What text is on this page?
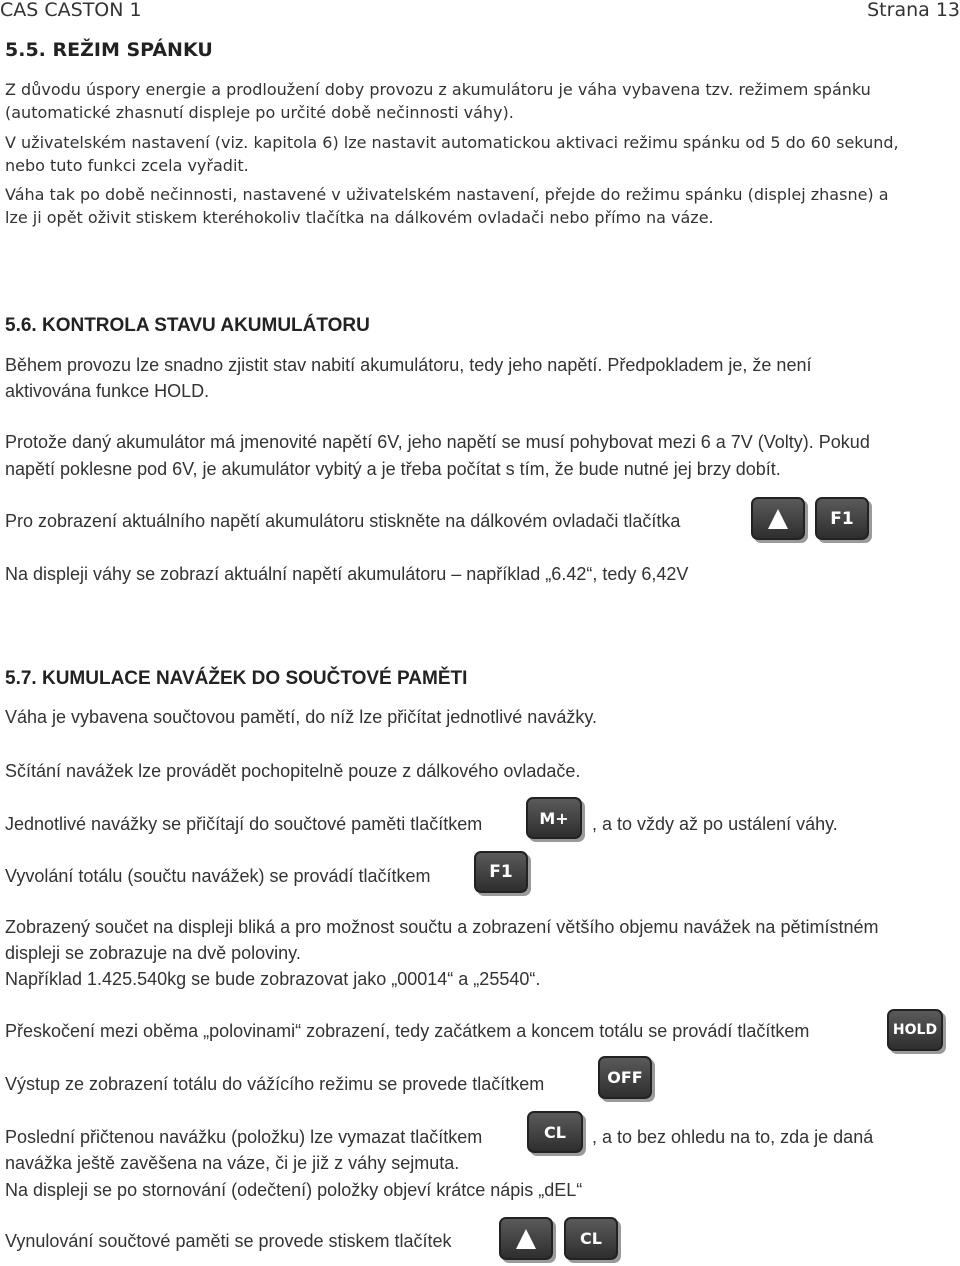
CAS CASTON 1	Strana 13
5.5. REŽIM SPÁNKU
Z důvodu úspory energie a prodloužení doby provozu z akumulátoru je váha vybavena tzv. režimem spánku
(automatické zhasnutí displeje po určité době nečinnosti váhy).
V uživatelském nastavení (viz. kapitola 6) lze nastavit automatickou aktivaci režimu spánku od 5 do 60 sekund,
nebo tuto funkci zcela vyřadit.
Váha tak po době nečinnosti, nastavené v uživatelském nastavení, přejde do režimu spánku (displej zhasne) a
lze ji opět oživit stiskem kteréhokoliv tlačítka na dálkovém ovladači nebo přímo na váze.
5.6. KONTROLA STAVU AKUMULÁTORU
Během provozu lze snadno zjistit stav nabití akumulátoru, tedy jeho napětí. Předpokladem je, že není
aktivována funkce HOLD.
Protože daný akumulátor má jmenovité napětí 6V, jeho napětí se musí pohybovat mezi 6 a 7V (Volty). Pokud
napětí poklesne pod 6V, je akumulátor vybitý a je třeba počítat s tím, že bude nutné jej brzy dobít.
Pro zobrazení aktuálního napětí akumulátoru stiskněte na dálkovém ovladači tlačítka	F1
Na displeji váhy se zobrazí aktuální napětí akumulátoru – například „6.42“, tedy 6,42V
5.7. KUMULACE NAVÁŽEK DO SOUČTOVÉ PAMĚTI
Váha je vybavena součtovou pamětí, do níž lze přičítat jednotlivé navážky.
Sčítání navážek lze provádět pochopitelně pouze z dálkového ovladače.
Jednotlivé navážky se přičítají do součtové paměti tlačítkem	M+ , a to vždy až po ustálení váhy.
Vyvolání totálu (součtu navážek) se provádí tlačítkem	F1
Zobrazený součet na displeji bliká a pro možnost součtu a zobrazení většího objemu navážek na pětimístném
displeji se zobrazuje na dvě poloviny.
Například 1.425.540kg se bude zobrazovat jako „00014“ a „25540“.
Přeskočení mezi oběma „polovinami“ zobrazení, tedy začátkem a koncem totálu se provádí tlačítkem	HOLD
Výstup ze zobrazení totálu do vážícího režimu se provede tlačítkem	OFF
Poslední přičtenou navážku (položku) lze vymazat tlačítkem	CL , a to bez ohledu na to, zda je daná
navážka ještě zavěšena na váze, či je již z váhy sejmuta.
Na displeji se po stornování (odečtení) položky objeví krátce nápis „dEL“
Vynulování součtové paměti se provede stiskem tlačítek	CL
